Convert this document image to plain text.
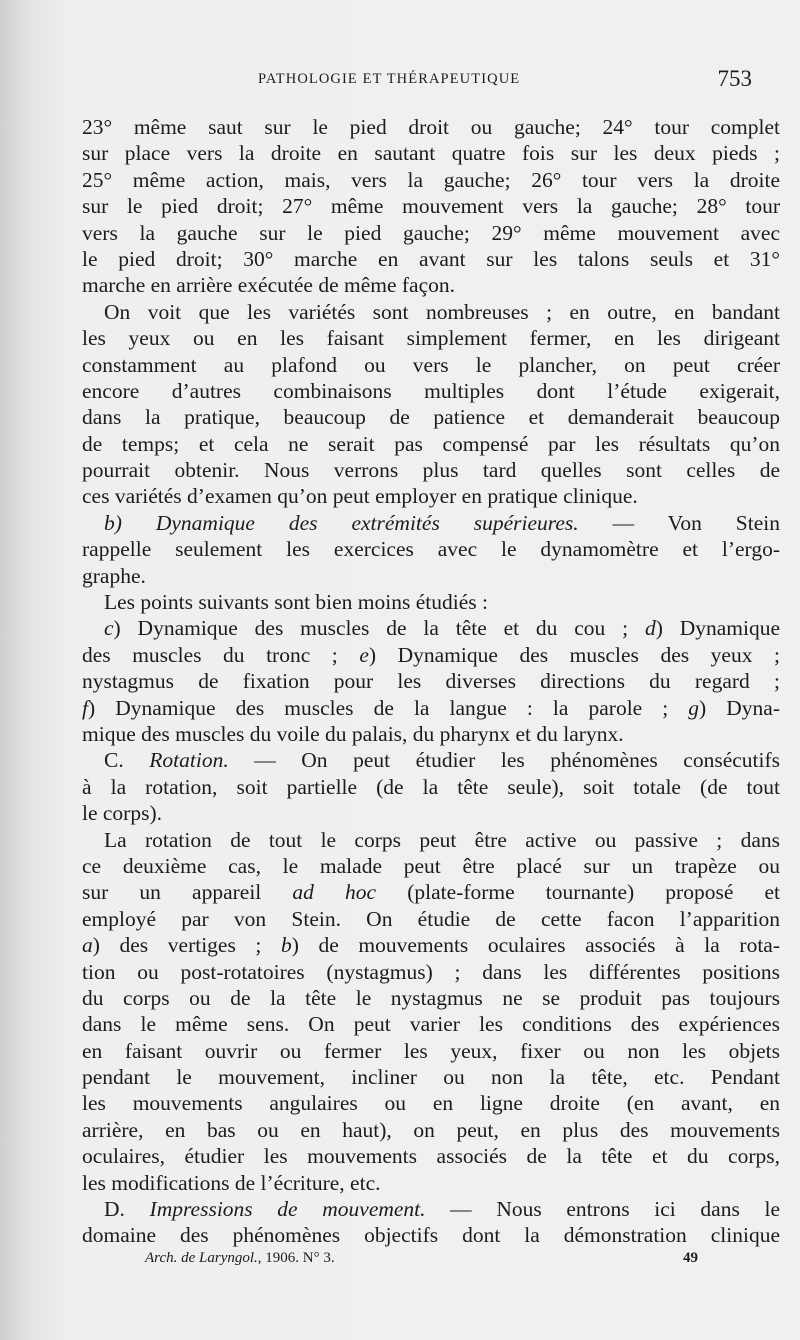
PATHOLOGIE ET THÉRAPEUTIQUE	753
23° même saut sur le pied droit ou gauche; 24° tour complet
sur place vers la droite en sautant quatre fois sur les deux pieds ;
25° même action, mais, vers la gauche; 26° tour vers la droite
sur le pied droit; 27° même mouvement vers la gauche; 28° tour
vers la gauche sur le pied gauche; 29° même mouvement avec
le pied droit; 30° marche en avant sur les talons seuls et 31°
marche en arrière exécutée de même façon.
On voit que les variétés sont nombreuses ; en outre, en bandant
les yeux ou en les faisant simplement fermer, en les dirigeant
constamment au plafond ou vers le plancher, on peut créer
encore d’autres combinaisons multiples dont l’étude exigerait,
dans la pratique, beaucoup de patience et demanderait beaucoup
de temps; et cela ne serait pas compensé par les résultats qu’on
pourrait obtenir. Nous verrons plus tard quelles sont celles de
ces variétés d’examen qu’on peut employer en pratique clinique.
b) Dynamique des extrémités supérieures. — Von Stein
rappelle seulement les exercices avec le dynamomètre et l’ergo-
graphe.
Les points suivants sont bien moins étudiés :
c) Dynamique des muscles de la tête et du cou ; d) Dynamique
des muscles du tronc ; e) Dynamique des muscles des yeux ;
nystagmus de fixation pour les diverses directions du regard ;
f) Dynamique des muscles de la langue : la parole ; g) Dyna-
mique des muscles du voile du palais, du pharynx et du larynx.
C. Rotation. — On peut étudier les phénomènes consécutifs
à la rotation, soit partielle (de la tête seule), soit totale (de tout
le corps).
La rotation de tout le corps peut être active ou passive ; dans
ce deuxième cas, le malade peut être placé sur un trapèze ou
sur un appareil ad hoc (plate-forme tournante) proposé et
employé par von Stein. On étudie de cette facon l’apparition
a) des vertiges ; b) de mouvements oculaires associés à la rota-
tion ou post-rotatoires (nystagmus) ; dans les différentes positions
du corps ou de la tête le nystagmus ne se produit pas toujours
dans le même sens. On peut varier les conditions des expériences
en faisant ouvrir ou fermer les yeux, fixer ou non les objets
pendant le mouvement, incliner ou non la tête, etc. Pendant
les mouvements angulaires ou en ligne droite (en avant, en
arrière, en bas ou en haut), on peut, en plus des mouvements
oculaires, étudier les mouvements associés de la tête et du corps,
les modifications de l’écriture, etc.
D. Impressions de mouvement. — Nous entrons ici dans le
domaine des phénomènes objectifs dont la démonstration clinique
Arch. de Laryngol., 1906. N° 3.	49
